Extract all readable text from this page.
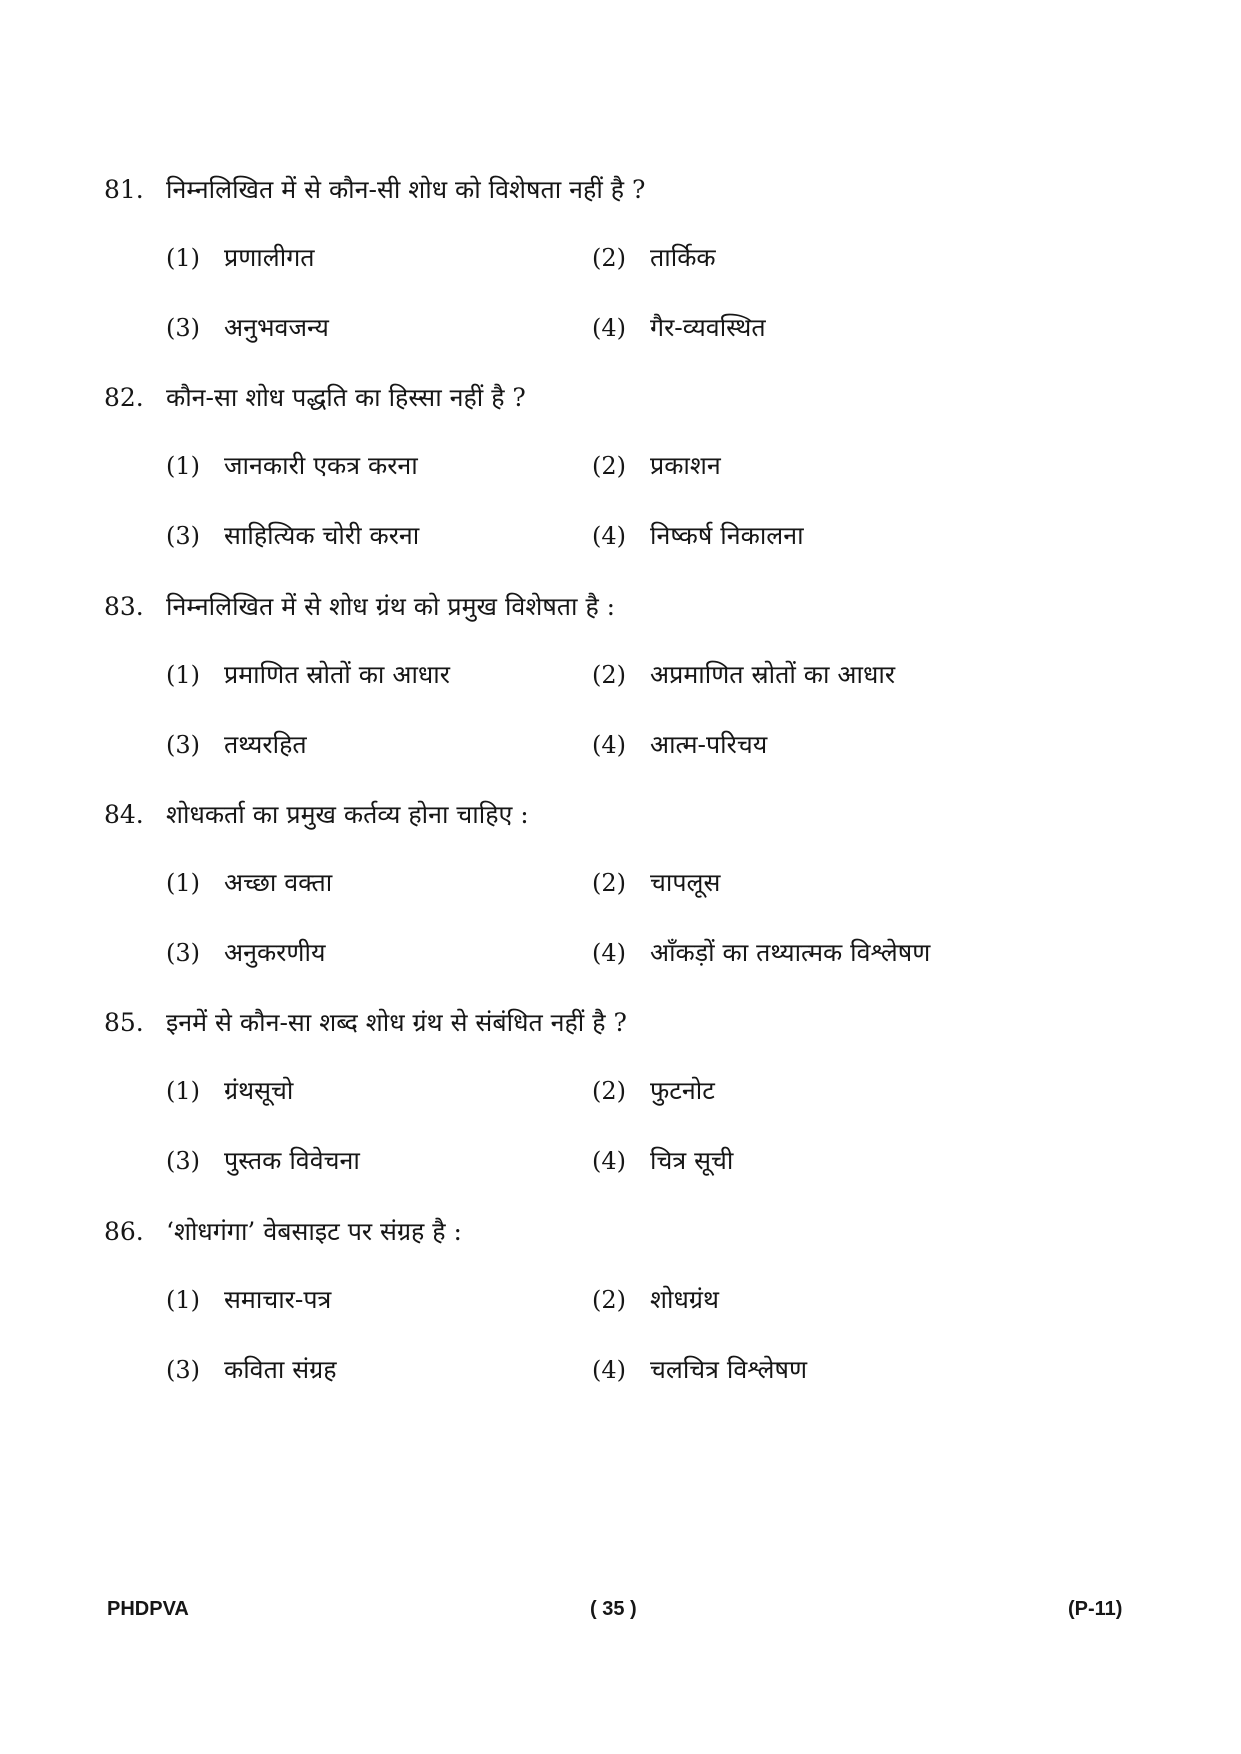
81. निम्नलिखित में से कौन-सी शोध को विशेषता नहीं है ?
(1) प्रणालीगत	(2) तार्किक
(3) अनुभवजन्य	(4) गैर-व्यवस्थित
82. कौन-सा शोध पद्धति का हिस्सा नहीं है ?
(1) जानकारी एकत्र करना	(2) प्रकाशन
(3) साहित्यिक चोरी करना	(4) निष्कर्ष निकालना
83. निम्नलिखित में से शोध ग्रंथ को प्रमुख विशेषता है :
(1) प्रमाणित स्रोतों का आधार	(2) अप्रमाणित स्रोतों का आधार
(3) तथ्यरहित	(4) आत्म-परिचय
84. शोधकर्ता का प्रमुख कर्तव्य होना चाहिए :
(1) अच्छा वक्ता	(2) चापलूस
(3) अनुकरणीय	(4) आँकड़ों का तथ्यात्मक विश्लेषण
85. इनमें से कौन-सा शब्द शोध ग्रंथ से संबंधित नहीं है ?
(1) ग्रंथसूचो	(2) फुटनोट
(3) पुस्तक विवेचना	(4) चित्र सूची
86. ‘शोधगंगा’ वेबसाइट पर संग्रह है :
(1) समाचार-पत्र	(2) शोधग्रंथ
(3) कविता संग्रह	(4) चलचित्र विश्लेषण
PHDPVA	( 35 )	(P-11)
